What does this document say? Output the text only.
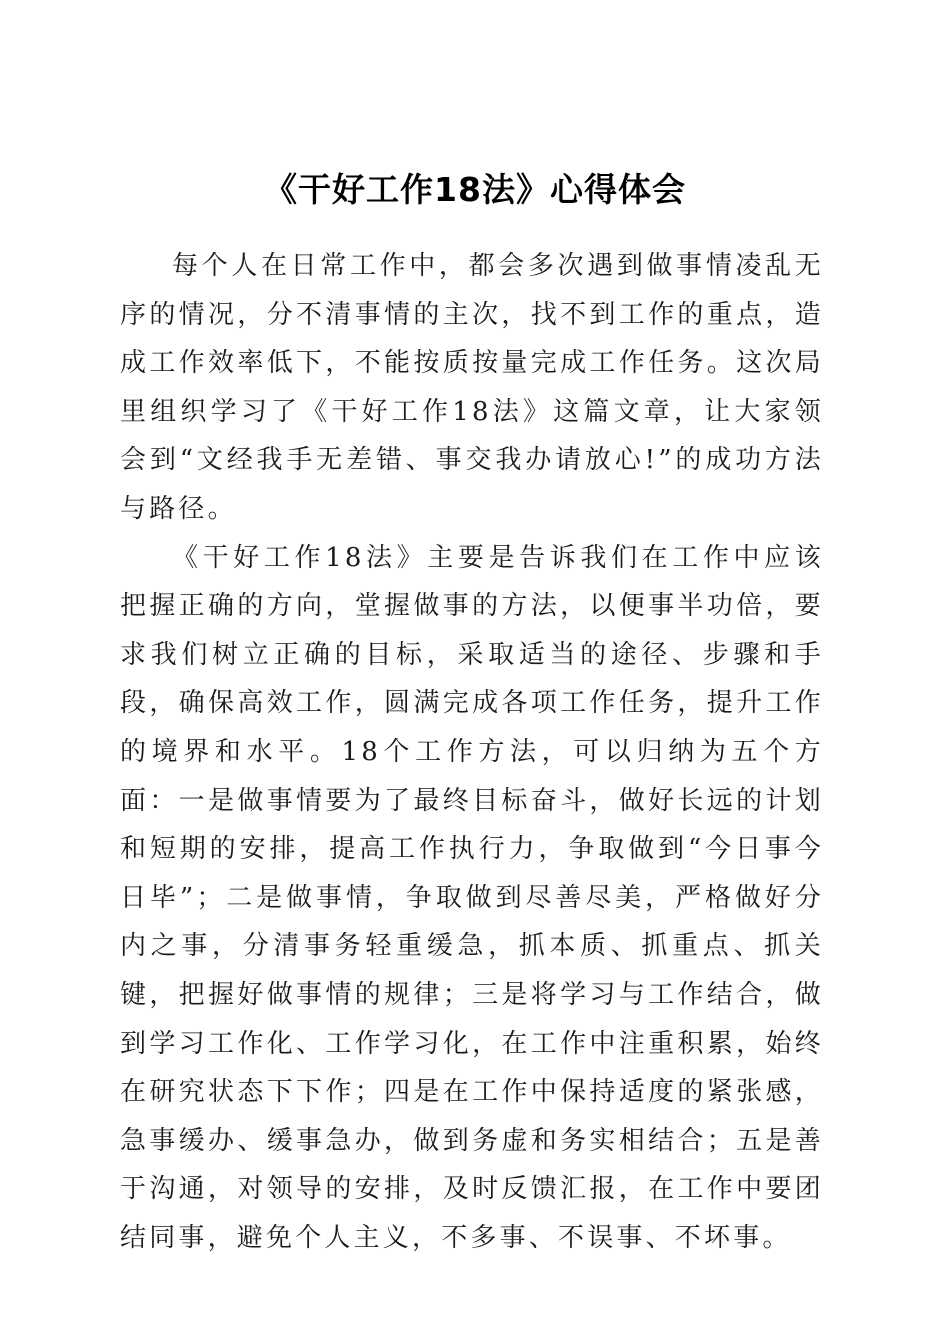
《干好工作18法》心得体会

每个人在日常工作中，都会多次遇到做事情凌乱无序的情况，分不清事情的主次，找不到工作的重点，造成工作效率低下，不能按质按量完成工作任务。这次局里组织学习了《干好工作18法》这篇文章，让大家领会到“文经我手无差错、事交我办请放心!”的成功方法与路径。

《干好工作18法》主要是告诉我们在工作中应该把握正确的方向，堂握做事的方法，以便事半功倍，要求我们树立正确的目标，采取适当的途径、步骤和手段，确保高效工作，圆满完成各项工作任务，提升工作的境界和水平。18个工作方法，可以归纳为五个方面：一是做事情要为了最终目标奋斗，做好长远的计划和短期的安排，提高工作执行力，争取做到“今日事今日毕”；二是做事情，争取做到尽善尽美，严格做好分内之事，分清事务轻重缓急，抓本质、抓重点、抓关键，把握好做事情的规律；三是将学习与工作结合，做到学习工作化、工作学习化，在工作中注重积累，始终在研究状态下下作；四是在工作中保持适度的紧张感，急事缓办、缓事急办，做到务虚和务实相结合；五是善于沟通，对领导的安排，及时反馈汇报，在工作中要团结同事，避免个人主义，不多事、不误事、不坏事。
